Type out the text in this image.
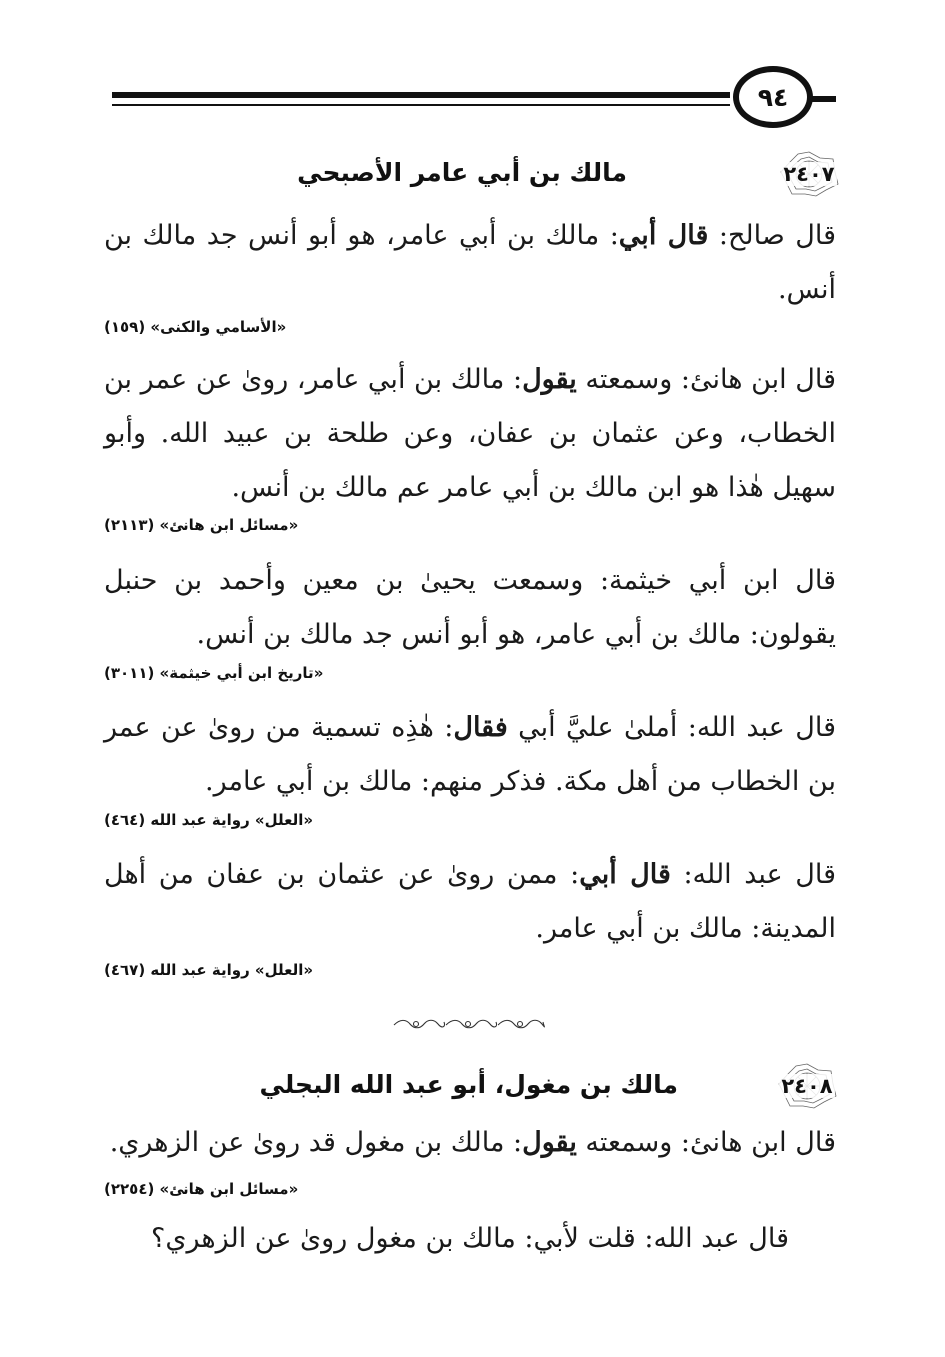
٩٤
٢٤٠٧
مالك بن أبي عامر الأصبحي
قال صالح: قال أبي: مالك بن أبي عامر، هو أبو أنس جد مالك بن أنس.
«الأسامي والكنى» (١٥٩)
قال ابن هانئ: وسمعته يقول: مالك بن أبي عامر، روىٰ عن عمر بن الخطاب، وعن عثمان بن عفان، وعن طلحة بن عبيد الله. وأبو سهيل هٰذا هو ابن مالك بن أبي عامر عم مالك بن أنس.
«مسائل ابن هانئ» (٢١١٣)
قال ابن أبي خيثمة: وسمعت يحيىٰ بن معين وأحمد بن حنبل يقولون: مالك بن أبي عامر، هو أبو أنس جد مالك بن أنس.
«تاريخ ابن أبي خيثمة» (٣٠١١)
قال عبد الله: أملىٰ عليَّ أبي فقال: هٰذِه تسمية من روىٰ عن عمر بن الخطاب من أهل مكة. فذكر منهم: مالك بن أبي عامر.
«العلل» رواية عبد الله (٤٦٤)
قال عبد الله: قال أبي: ممن روىٰ عن عثمان بن عفان من أهل المدينة: مالك بن أبي عامر.
«العلل» رواية عبد الله (٤٦٧)
٢٤٠٨
مالك بن مغول، أبو عبد الله البجلي
قال ابن هانئ: وسمعته يقول: مالك بن مغول قد روىٰ عن الزهري.
«مسائل ابن هانئ» (٢٢٥٤)
قال عبد الله: قلت لأبي: مالك بن مغول روىٰ عن الزهري؟
